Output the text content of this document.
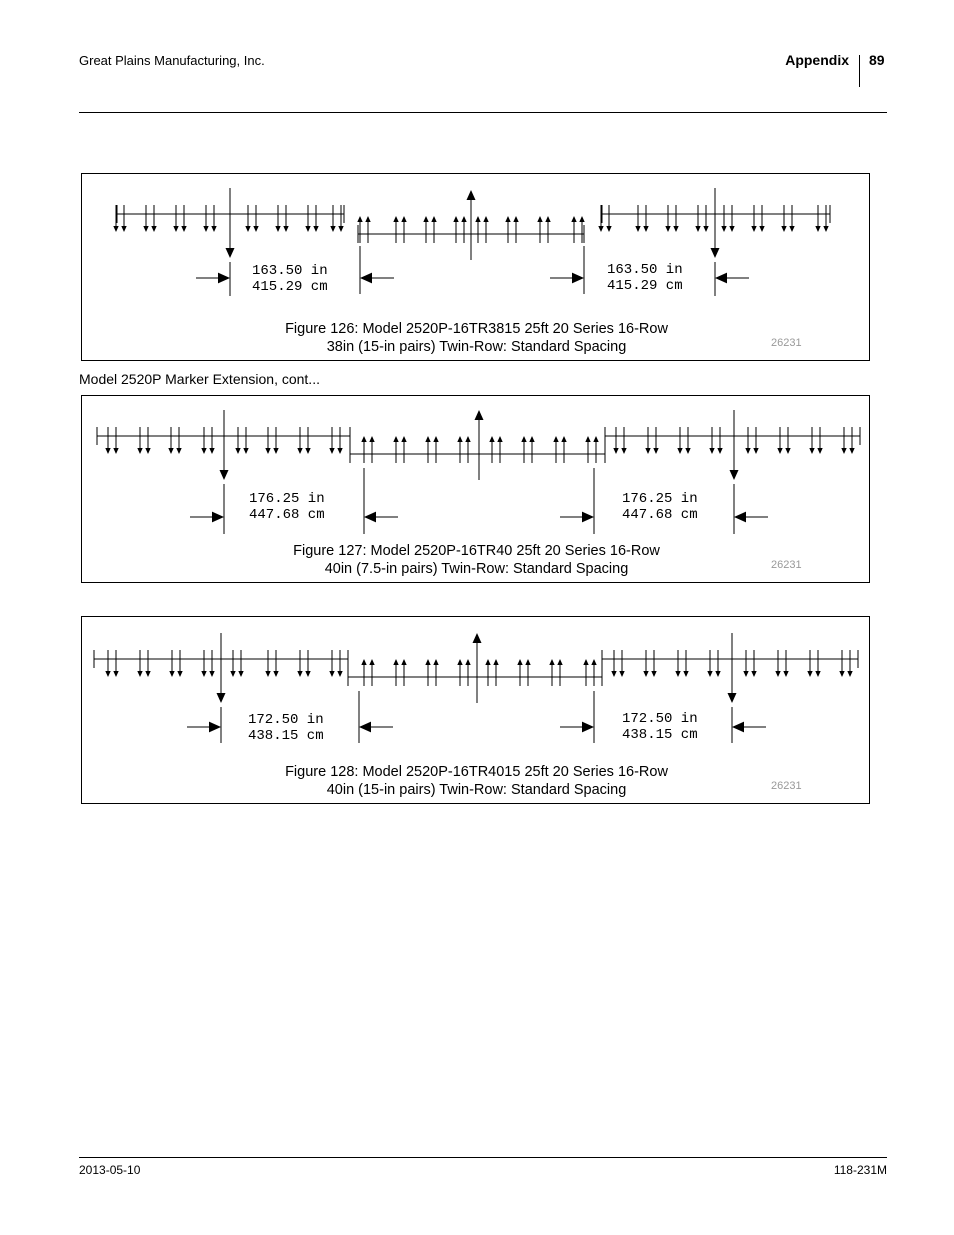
Great Plains Manufacturing, Inc.	Appendix 89
163.50 in
415.29 cm
163.50 in
415.29 cm
Figure 126: Model 2520P-16TR3815 25ft 20 Series 16-Row
38in (15-in pairs) Twin-Row: Standard Spacing	26231
Model 2520P Marker Extension, cont...
176.25 in
447.68 cm
176.25 in
447.68 cm
Figure 127: Model 2520P-16TR40 25ft 20 Series 16-Row
40in (7.5-in pairs) Twin-Row: Standard Spacing	26231
172.50 in
438.15 cm
172.50 in
438.15 cm
Figure 128: Model 2520P-16TR4015 25ft 20 Series 16-Row
40in (15-in pairs) Twin-Row: Standard Spacing	26231
2013-05-10	118-231M
